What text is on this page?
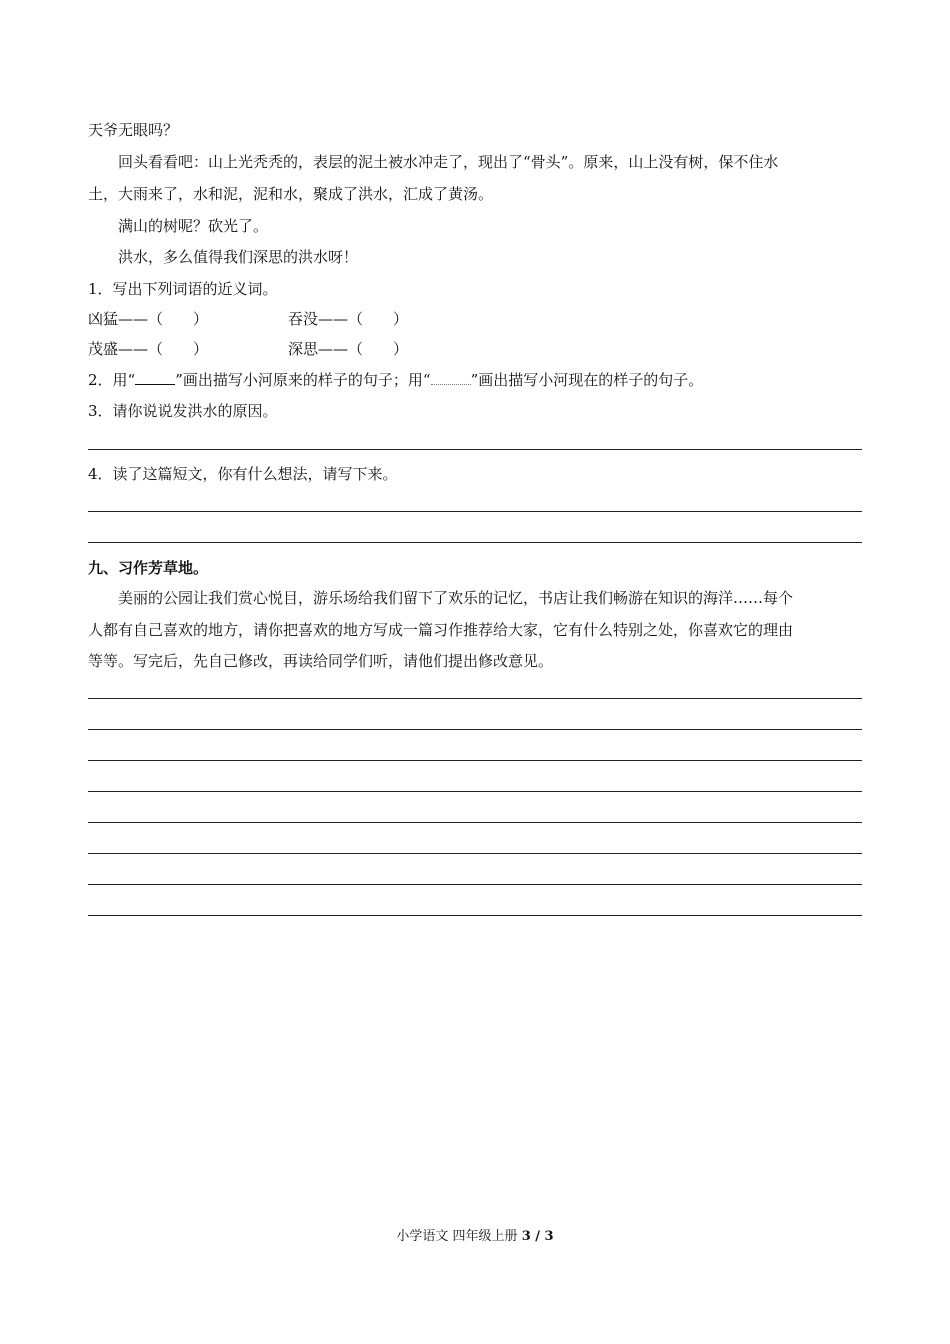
天爷无眼吗？
回头看看吧：山上光秃秃的，表层的泥土被水冲走了，现出了“骨头”。原来，山上没有树，保不住水
土，大雨来了，水和泥，泥和水，聚成了洪水，汇成了黄汤。
满山的树呢？砍光了。
洪水，多么值得我们深思的洪水呀！
1．写出下列词语的近义词。
凶猛——（　　）	吞没——（　　）
茂盛——（　　）	深思——（　　）
2．用“	”画出描写小河原来的样子的句子；用“	”画出描写小河现在的样子的句子。
3．请你说说发洪水的原因。
4．读了这篇短文，你有什么想法，请写下来。
九、习作芳草地。
美丽的公园让我们赏心悦目，游乐场给我们留下了欢乐的记忆，书店让我们畅游在知识的海洋……每个
人都有自己喜欢的地方，请你把喜欢的地方写成一篇习作推荐给大家，它有什么特别之处，你喜欢它的理由
等等。写完后，先自己修改，再读给同学们听，请他们提出修改意见。
小学语文 四年级上册 3 / 3
